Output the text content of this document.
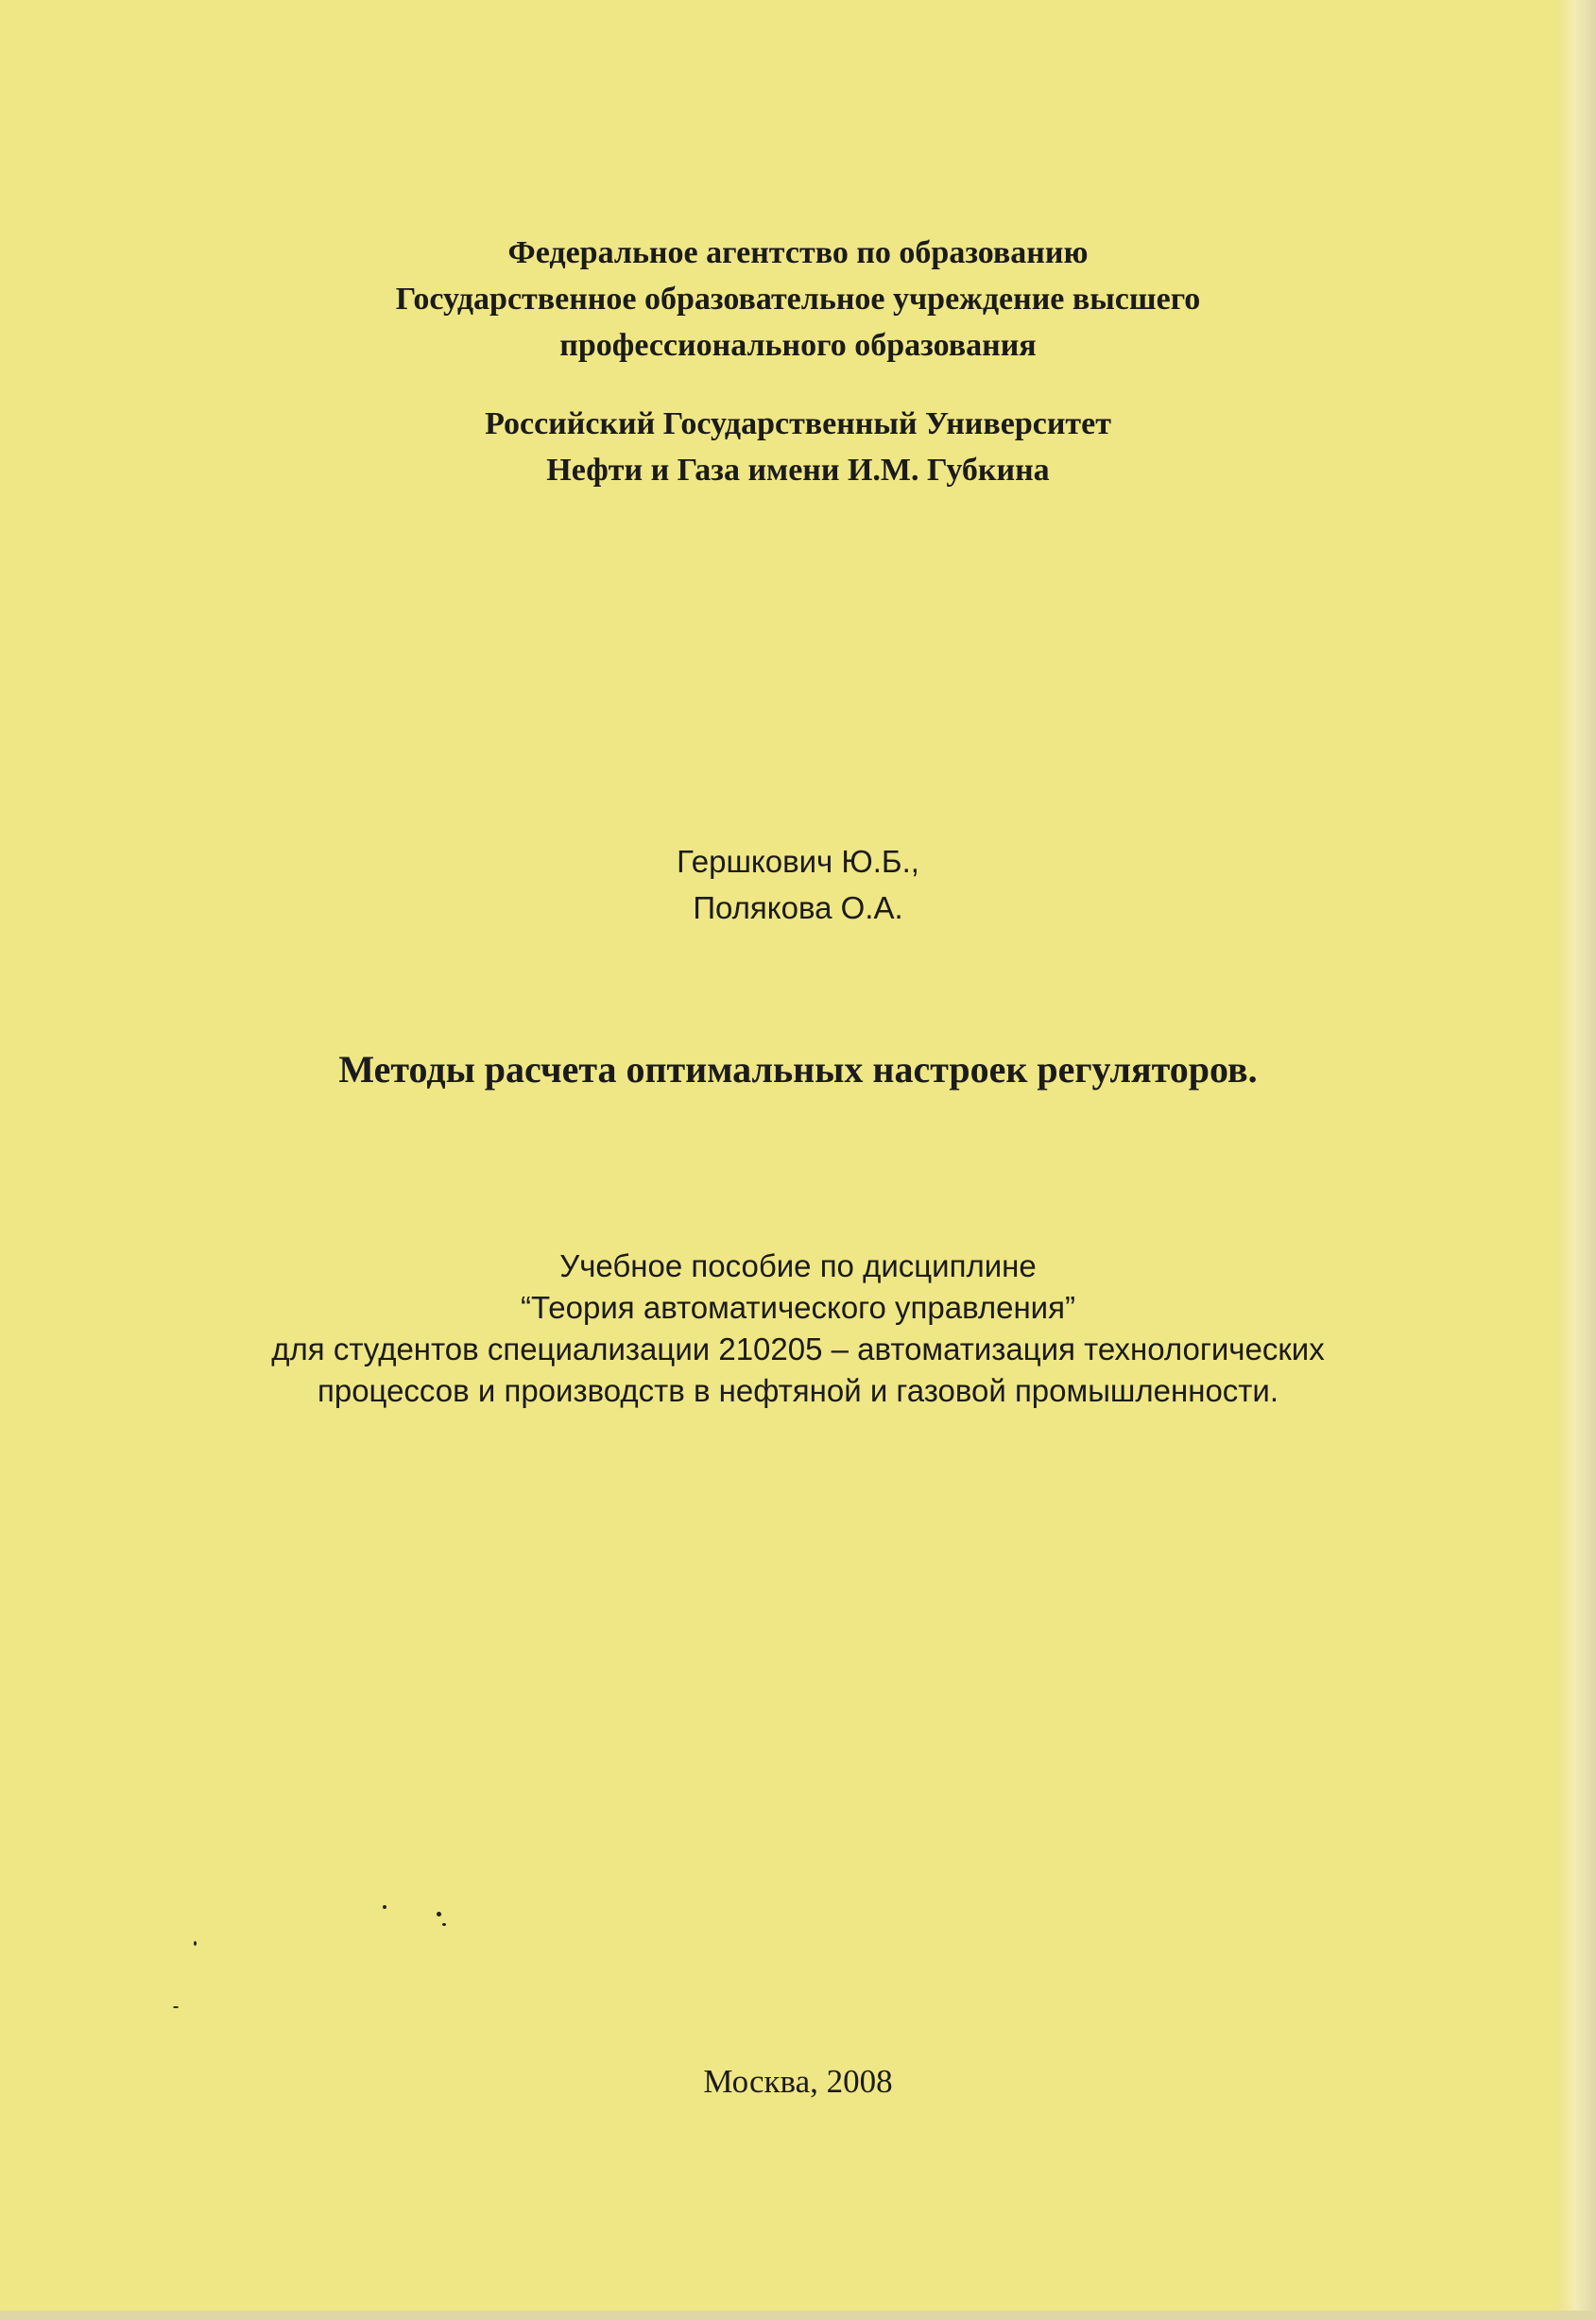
Федеральное агентство по образованию
Государственное образовательное учреждение высшего
профессионального образования
Российский Государственный Университет
Нефти и Газа имени И.М. Губкина
Гершкович Ю.Б.,
Полякова О.А.
Методы расчета оптимальных настроек регуляторов.
Учебное пособие по дисциплине
“Теория автоматического управления”
для студентов специализации 210205 – автоматизация технологических
процессов и производств в нефтяной и газовой промышленности.
Москва, 2008
